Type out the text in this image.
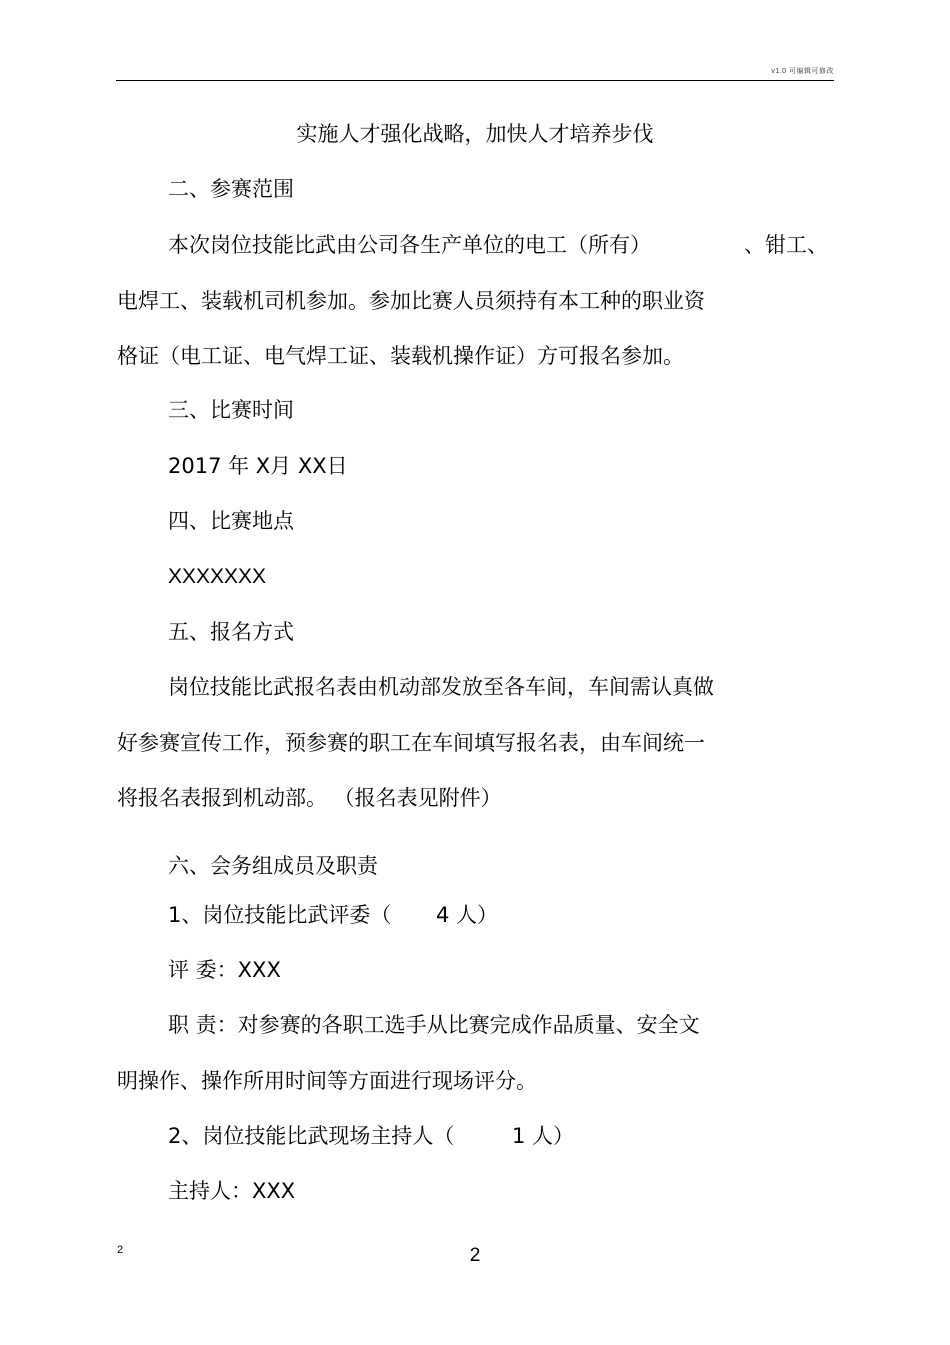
v1.0 可编辑可修改
实施人才强化战略，加快人才培养步伐
二、参赛范围
本次岗位技能比武由公司各生产单位的电工（所有）	、钳工、
电焊工、装载机司机参加。参加比赛人员须持有本工种的职业资
格证（电工证、电气焊工证、装载机操作证）方可报名参加。
三、比赛时间
2017 年 X月 XX日
四、比赛地点
XXXXXXX
五、报名方式
岗位技能比武报名表由机动部发放至各车间，车间需认真做
好参赛宣传工作，预参赛的职工在车间填写报名表，由车间统一
将报名表报到机动部。 （报名表见附件）
六、会务组成员及职责
1、岗位技能比武评委（ 4 人）
评 委：XXX
职 责：对参赛的各职工选手从比赛完成作品质量、安全文
明操作、操作所用时间等方面进行现场评分。
2、岗位技能比武现场主持人（	1 人）
主持人：XXX
2	2
